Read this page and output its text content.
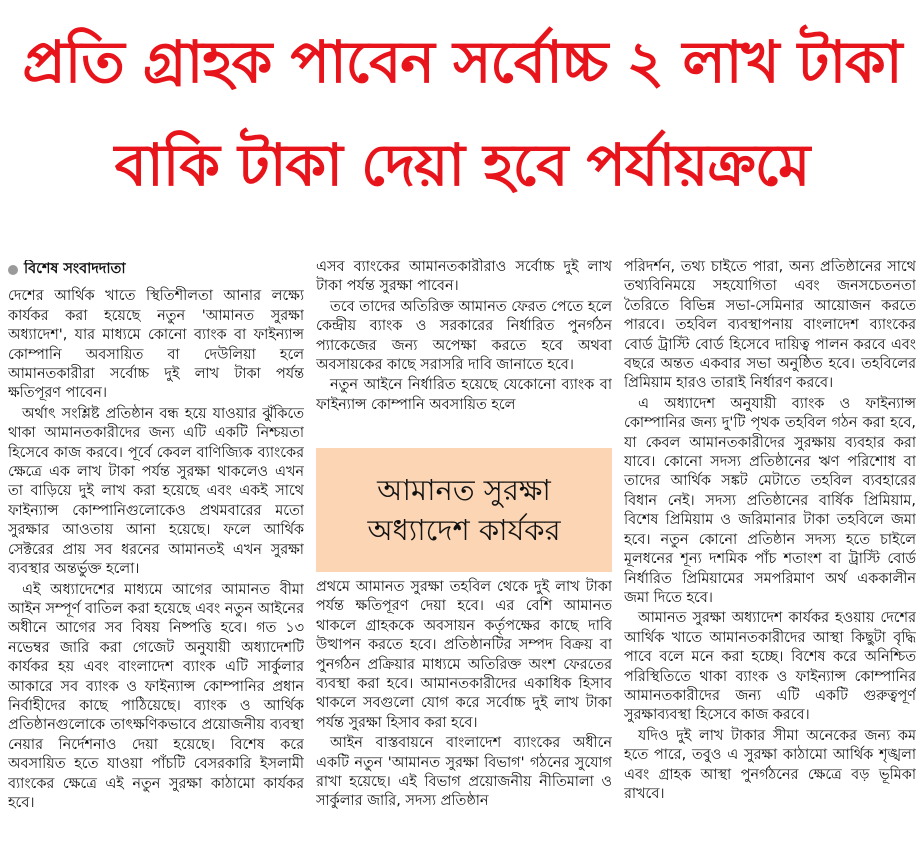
প্রতি গ্রাহক পাবেন সর্বোচ্চ ২ লাখ টাকা
বাকি টাকা দেয়া হবে পর্যায়ক্রমে
বিশেষ সংবাদদাতা

দেশের আর্থিক খাতে স্থিতিশীলতা আনার লক্ষ্যে কার্যকর করা হয়েছে নতুন 'আমানত সুরক্ষা অধ্যাদেশ', যার মাধ্যমে কোনো ব্যাংক বা ফাইন্যান্স কোম্পানি অবসায়িত বা দেউলিয়া হলে আমানতকারীরা সর্বোচ্চ দুই লাখ টাকা পর্যন্ত ক্ষতিপূরণ পাবেন।

অর্থাৎ সংশ্লিষ্ট প্রতিষ্ঠান বন্ধ হয়ে যাওয়ার ঝুঁকিতে থাকা আমানতকারীদের জন্য এটি একটি নিশ্চয়তা হিসেবে কাজ করবে। পূর্বে কেবল বাণিজ্যিক ব্যাংকের ক্ষেত্রে এক লাখ টাকা পর্যন্ত সুরক্ষা থাকলেও এখন তা বাড়িয়ে দুই লাখ করা হয়েছে এবং একই সাথে ফাইন্যান্স কোম্পানিগুলোকেও প্রথমবারের মতো সুরক্ষার আওতায় আনা হয়েছে। ফলে আর্থিক সেক্টরের প্রায় সব ধরনের আমানতই এখন সুরক্ষা ব্যবস্থার অন্তর্ভুক্ত হলো।

এই অধ্যাদেশের মাধ্যমে আগের আমানত বীমা আইন সম্পূর্ণ বাতিল করা হয়েছে এবং নতুন আইনের অধীনে আগের সব বিষয় নিষ্পত্তি হবে। গত ১৩ নভেম্বর জারি করা গেজেট অনুযায়ী অধ্যাদেশটি কার্যকর হয় এবং বাংলাদেশ ব্যাংক এটি সার্কুলার আকারে সব ব্যাংক ও ফাইন্যান্স কোম্পানির প্রধান নির্বাহীদের কাছে পাঠিয়েছে। ব্যাংক ও আর্থিক প্রতিষ্ঠানগুলোকে তাৎক্ষণিকভাবে প্রয়োজনীয় ব্যবস্থা নেয়ার নির্দেশনাও দেয়া হয়েছে। বিশেষ করে অবসায়িত হতে যাওয়া পাঁচটি বেসরকারি ইসলামী ব্যাংকের ক্ষেত্রে এই নতুন সুরক্ষা কাঠামো কার্যকর হবে।

এসব ব্যাংকের আমানতকারীরাও সর্বোচ্চ দুই লাখ টাকা পর্যন্ত সুরক্ষা পাবেন।

তবে তাদের অতিরিক্ত আমানত ফেরত পেতে হলে কেন্দ্রীয় ব্যাংক ও সরকারের নির্ধারিত পুনর্গঠন প্যাকেজের জন্য অপেক্ষা করতে হবে অথবা অবসায়কের কাছে সরাসরি দাবি জানাতে হবে।

নতুন আইনে নির্ধারিত হয়েছে যেকোনো ব্যাংক বা ফাইন্যান্স কোম্পানি অবসায়িত হলে

প্রথমে আমানত সুরক্ষা তহবিল থেকে দুই লাখ টাকা পর্যন্ত ক্ষতিপূরণ দেয়া হবে। এর বেশি আমানত থাকলে গ্রাহককে অবসায়ন কর্তৃপক্ষের কাছে দাবি উত্থাপন করতে হবে। প্রতিষ্ঠানটির সম্পদ বিক্রয় বা পুনর্গঠন প্রক্রিয়ার মাধ্যমে অতিরিক্ত অংশ ফেরতের ব্যবস্থা করা হবে। আমানতকারীদের একাধিক হিসাব থাকলে সবগুলো যোগ করে সর্বোচ্চ দুই লাখ টাকা পর্যন্ত সুরক্ষা হিসাব করা হবে।

আইন বাস্তবায়নে বাংলাদেশ ব্যাংকের অধীনে একটি নতুন 'আমানত সুরক্ষা বিভাগ' গঠনের সুযোগ রাখা হয়েছে। এই বিভাগ প্রয়োজনীয় নীতিমালা ও সার্কুলার জারি, সদস্য প্রতিষ্ঠান

আমানত সুরক্ষা
অধ্যাদেশ কার্যকর

পরিদর্শন, তথ্য চাইতে পারা, অন্য প্রতিষ্ঠানের সাথে তথ্যবিনিময়ে সহযোগিতা এবং জনসচেতনতা তৈরিতে বিভিন্ন সভা-সেমিনার আয়োজন করতে পারবে। তহবিল ব্যবস্থাপনায় বাংলাদেশ ব্যাংকের বোর্ড ট্রাস্টি বোর্ড হিসেবে দায়িত্ব পালন করবে এবং বছরে অন্তত একবার সভা অনুষ্ঠিত হবে। তহবিলের প্রিমিয়াম হারও তারাই নির্ধারণ করবে।

এ অধ্যাদেশ অনুযায়ী ব্যাংক ও ফাইন্যান্স কোম্পানির জন্য দু'টি পৃথক তহবিল গঠন করা হবে, যা কেবল আমানতকারীদের সুরক্ষায় ব্যবহার করা যাবে। কোনো সদস্য প্রতিষ্ঠানের ঋণ পরিশোধ বা তাদের আর্থিক সঙ্কট মেটাতে তহবিল ব্যবহারের বিধান নেই। সদস্য প্রতিষ্ঠানের বার্ষিক প্রিমিয়াম, বিশেষ প্রিমিয়াম ও জরিমানার টাকা তহবিলে জমা হবে। নতুন কোনো প্রতিষ্ঠান সদস্য হতে চাইলে মূলধনের শূন্য দশমিক পাঁচ শতাংশ বা ট্রাস্টি বোর্ড নির্ধারিত প্রিমিয়ামের সমপরিমাণ অর্থ এককালীন জমা দিতে হবে।

আমানত সুরক্ষা অধ্যাদেশ কার্যকর হওয়ায় দেশের আর্থিক খাতে আমানতকারীদের আস্থা কিছুটা বৃদ্ধি পাবে বলে মনে করা হচ্ছে। বিশেষ করে অনিশ্চিত পরিস্থিতিতে থাকা ব্যাংক ও ফাইন্যান্স কোম্পানির আমানতকারীদের জন্য এটি একটি গুরুত্বপূর্ণ সুরক্ষাব্যবস্থা হিসেবে কাজ করবে।

যদিও দুই লাখ টাকার সীমা অনেকের জন্য কম হতে পারে, তবুও এ সুরক্ষা কাঠামো আর্থিক শৃঙ্খলা এবং গ্রাহক আস্থা পুনর্গঠনের ক্ষেত্রে বড় ভূমিকা রাখবে।
